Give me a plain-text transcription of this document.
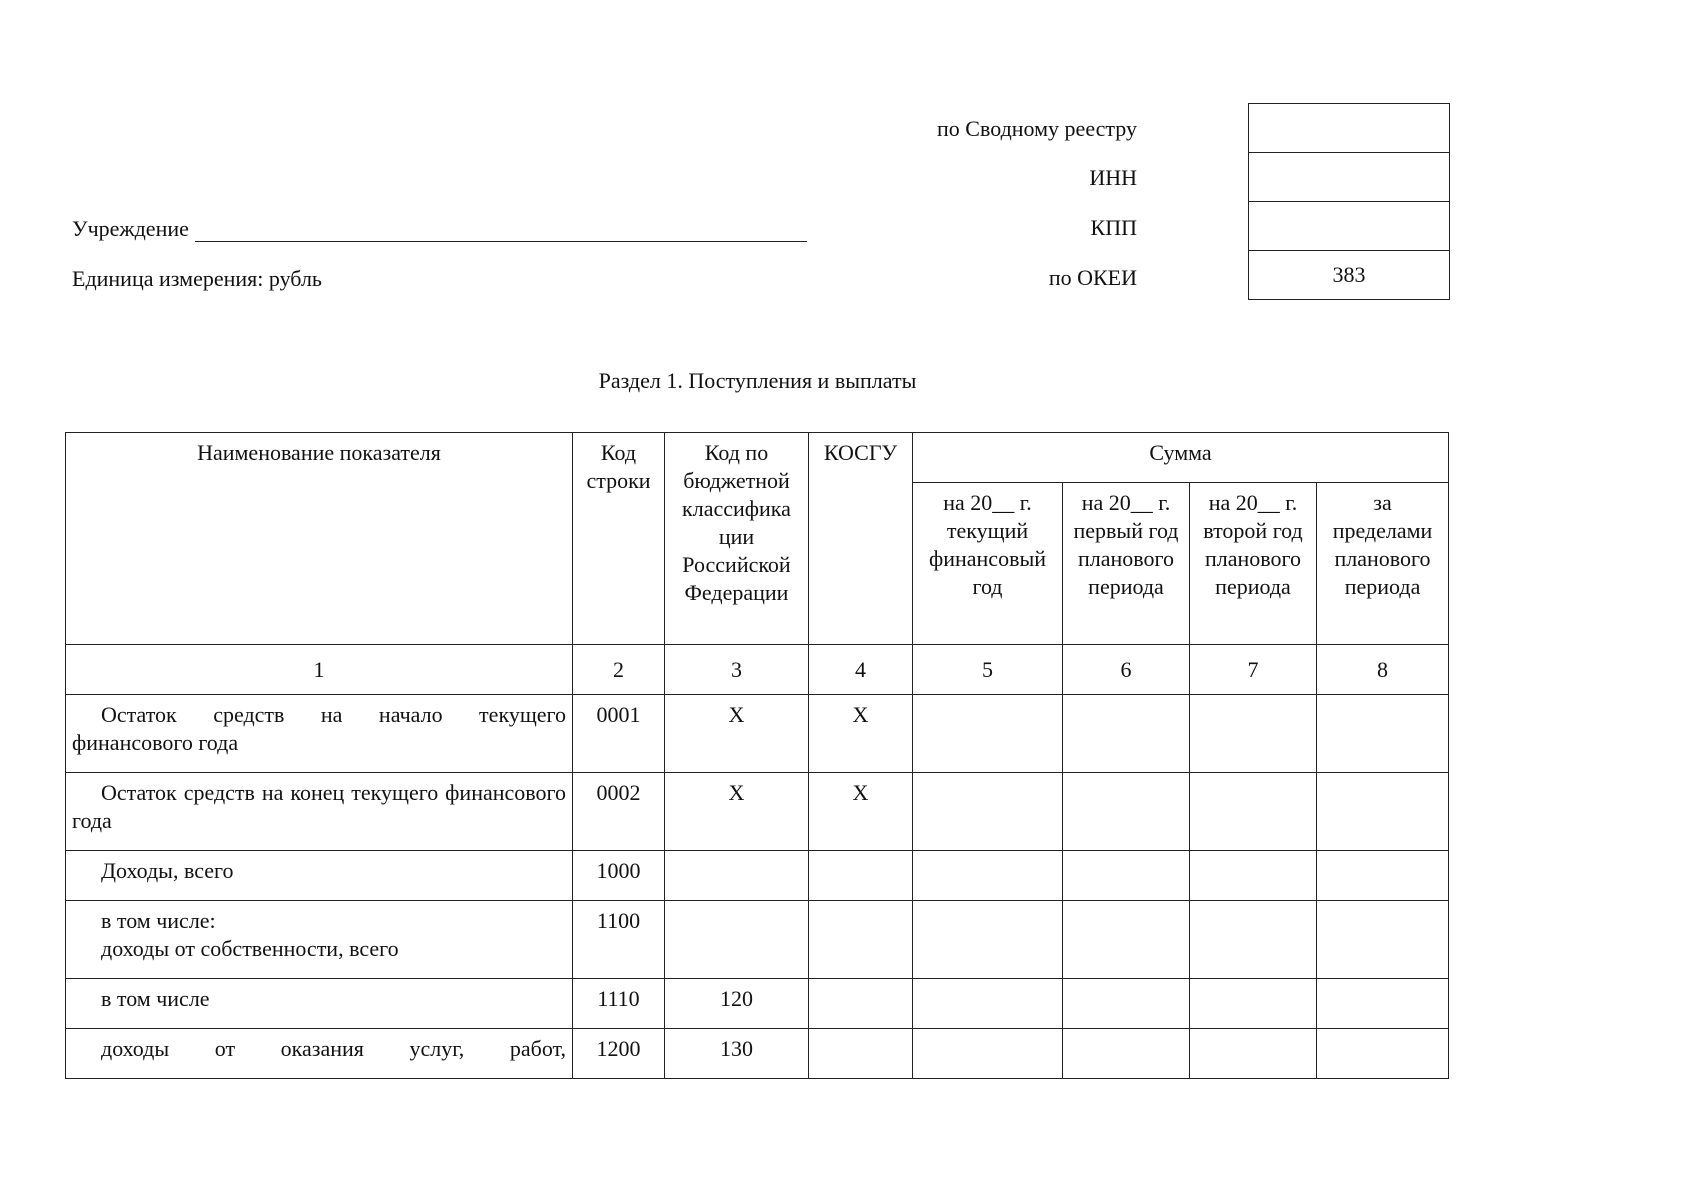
по Сводному реестру
ИНН
КПП
по ОКЕИ	383
Учреждение
Единица измерения: рубль
Раздел 1. Поступления и выплаты
Наименование показателя	Код строки	Код по бюджетной классифика ции Российской Федерации	КОСГУ	Сумма			
				на 20__ г. текущий финансовый год	на 20__ г. первый год планового периода	на 20__ г. второй год планового периода	за пределами планового периода
1	2	3	4	5	6	7	8
Остаток средств на начало текущего финансового года	0001	Х	Х				
Остаток средств на конец текущего финансового года	0002	Х	Х				
Доходы, всего	1000						

в том числе:
доходы от собственности, всего	1100						
в том числе	1110	120					
доходы от оказания услуг, работ,	1200	130					
